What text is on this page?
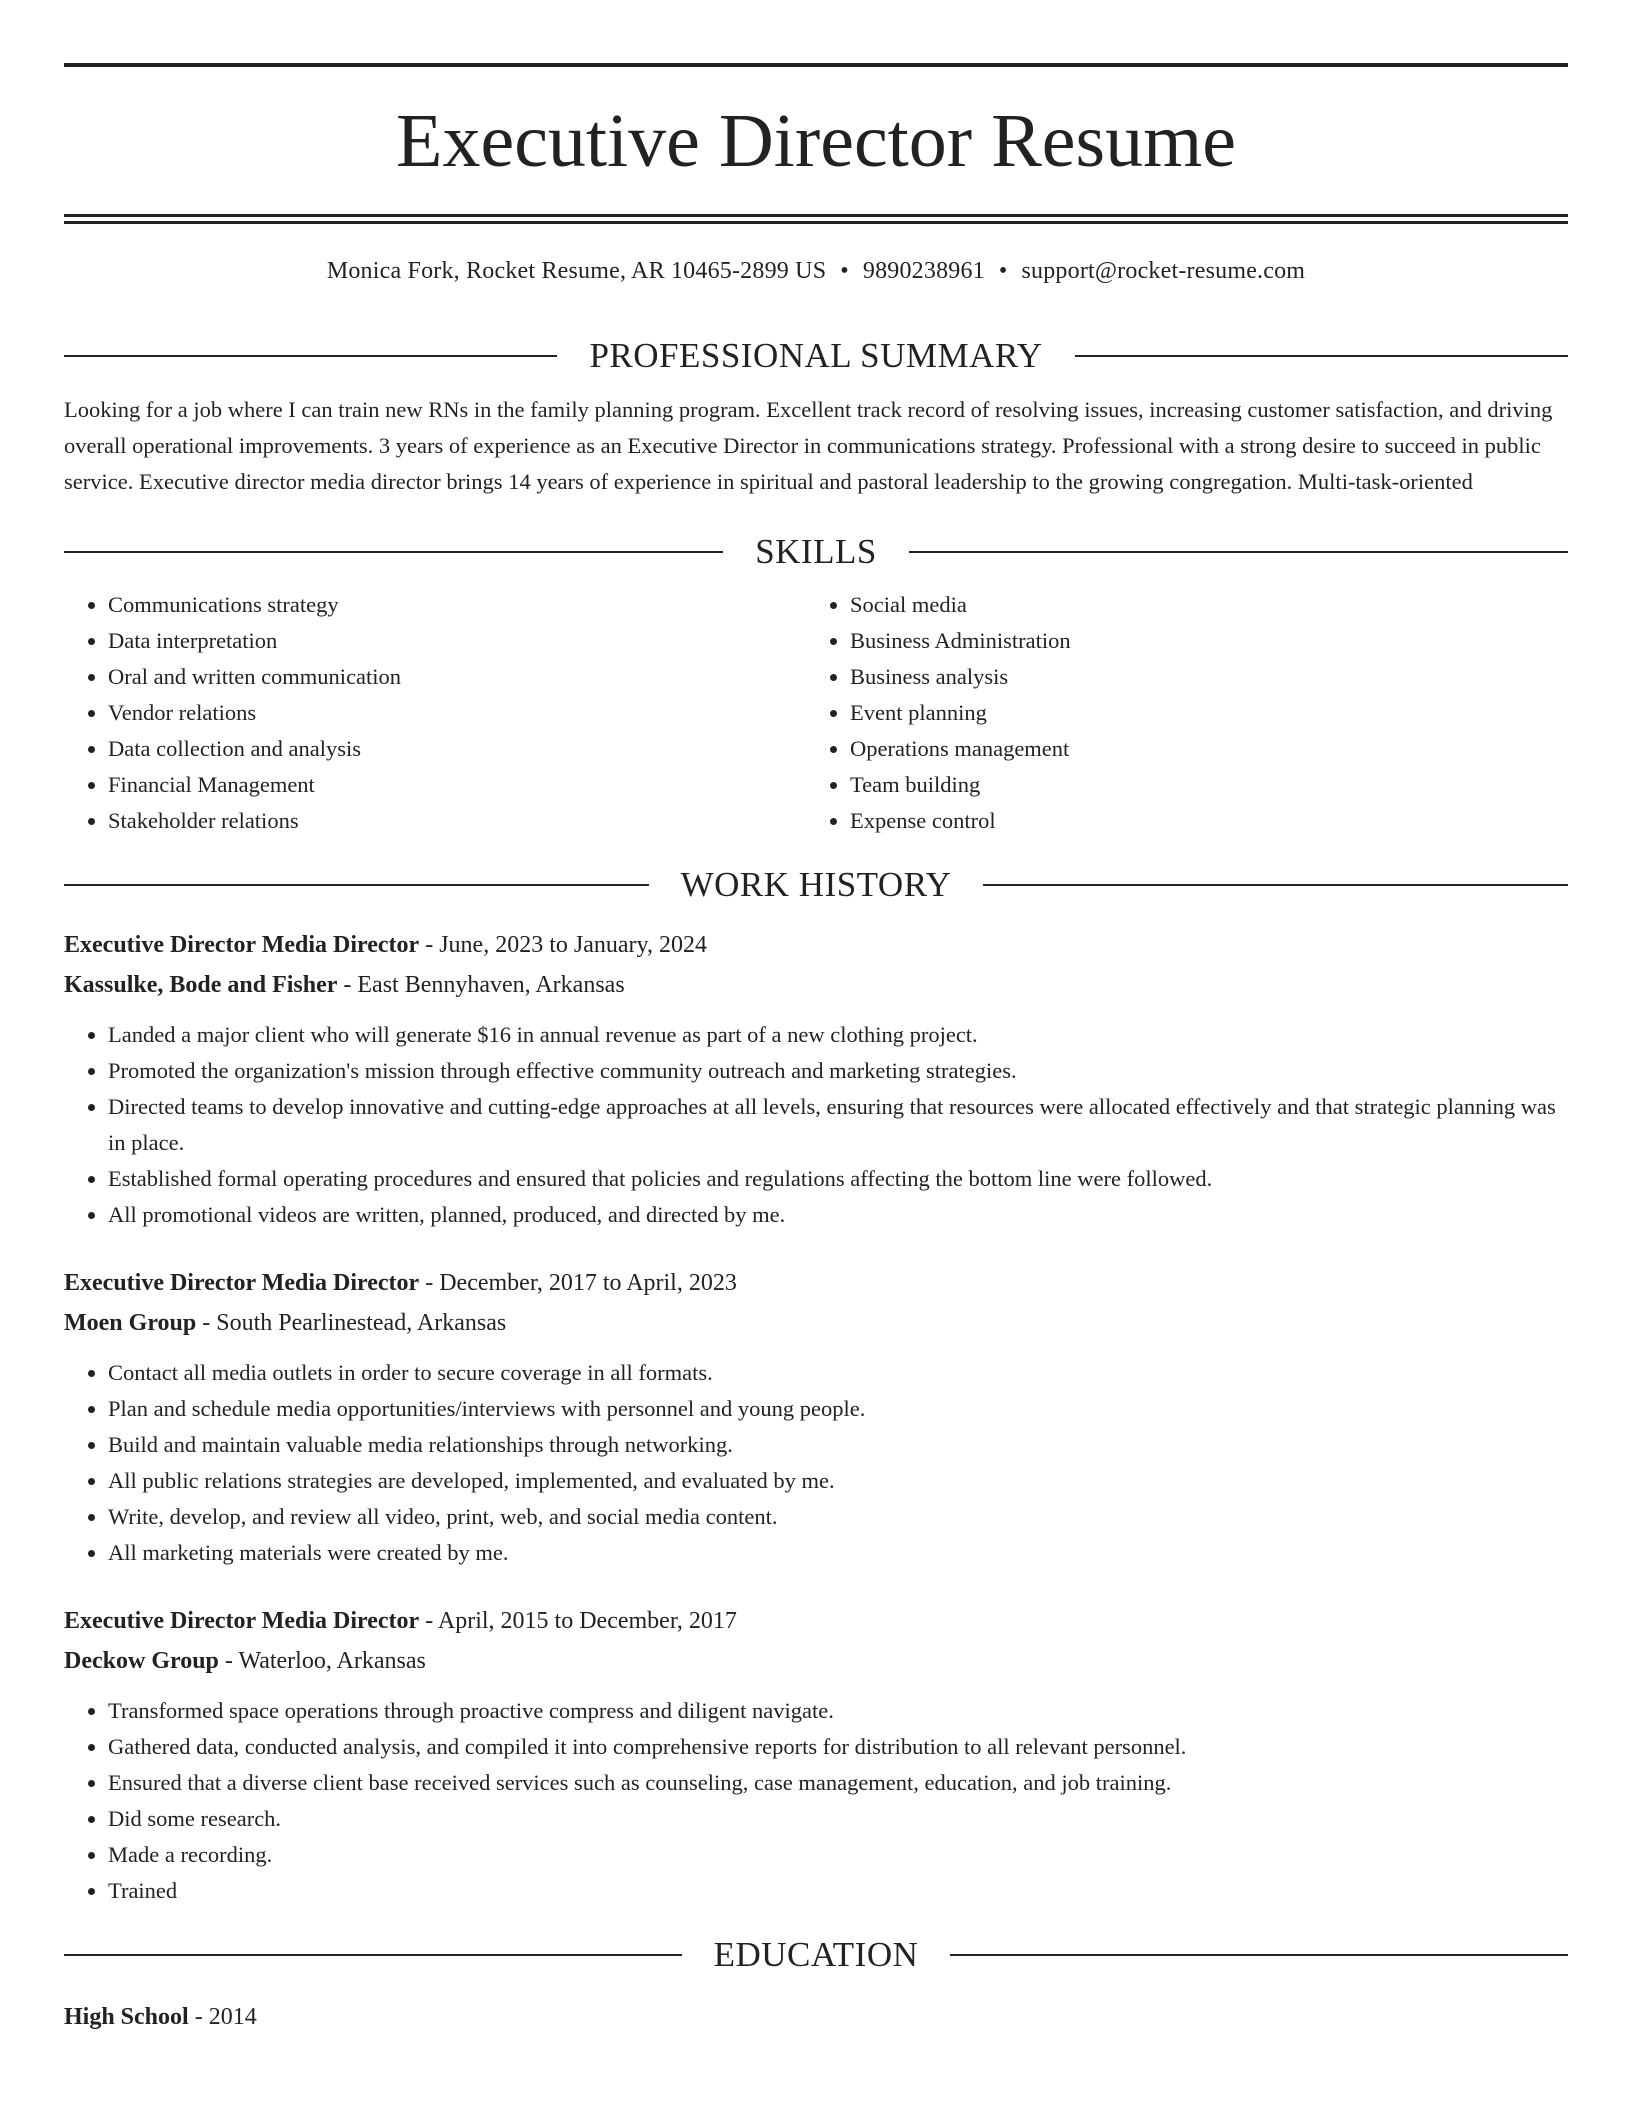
Executive Director Resume
Monica Fork, Rocket Resume, AR 10465-2899 US • 9890238961 • support@rocket-resume.com
PROFESSIONAL SUMMARY

Looking for a job where I can train new RNs in the family planning program. Excellent track record of resolving issues, increasing customer satisfaction, and driving overall operational improvements. 3 years of experience as an Executive Director in communications strategy. Professional with a strong desire to succeed in public service. Executive director media director brings 14 years of experience in spiritual and pastoral leadership to the growing congregation. Multi-task-oriented

SKILLS
• Communications strategy
• Data interpretation
• Oral and written communication
• Vendor relations
• Data collection and analysis
• Financial Management
• Stakeholder relations
• Social media
• Business Administration
• Business analysis
• Event planning
• Operations management
• Team building
• Expense control
WORK HISTORY
Executive Director Media Director - June, 2023 to January, 2024
Kassulke, Bode and Fisher - East Bennyhaven, Arkansas
• Landed a major client who will generate $16 in annual revenue as part of a new clothing project.
• Promoted the organization's mission through effective community outreach and marketing strategies.
• Directed teams to develop innovative and cutting-edge approaches at all levels, ensuring that resources were allocated effectively and that strategic planning was in place.
• Established formal operating procedures and ensured that policies and regulations affecting the bottom line were followed.
• All promotional videos are written, planned, produced, and directed by me.
Executive Director Media Director - December, 2017 to April, 2023
Moen Group - South Pearlinestead, Arkansas
• Contact all media outlets in order to secure coverage in all formats.
• Plan and schedule media opportunities/interviews with personnel and young people.
• Build and maintain valuable media relationships through networking.
• All public relations strategies are developed, implemented, and evaluated by me.
• Write, develop, and review all video, print, web, and social media content.
• All marketing materials were created by me.
Executive Director Media Director - April, 2015 to December, 2017
Deckow Group - Waterloo, Arkansas
• Transformed space operations through proactive compress and diligent navigate.
• Gathered data, conducted analysis, and compiled it into comprehensive reports for distribution to all relevant personnel.
• Ensured that a diverse client base received services such as counseling, case management, education, and job training.
• Did some research.
• Made a recording.
• Trained
EDUCATION
High School - 2014
